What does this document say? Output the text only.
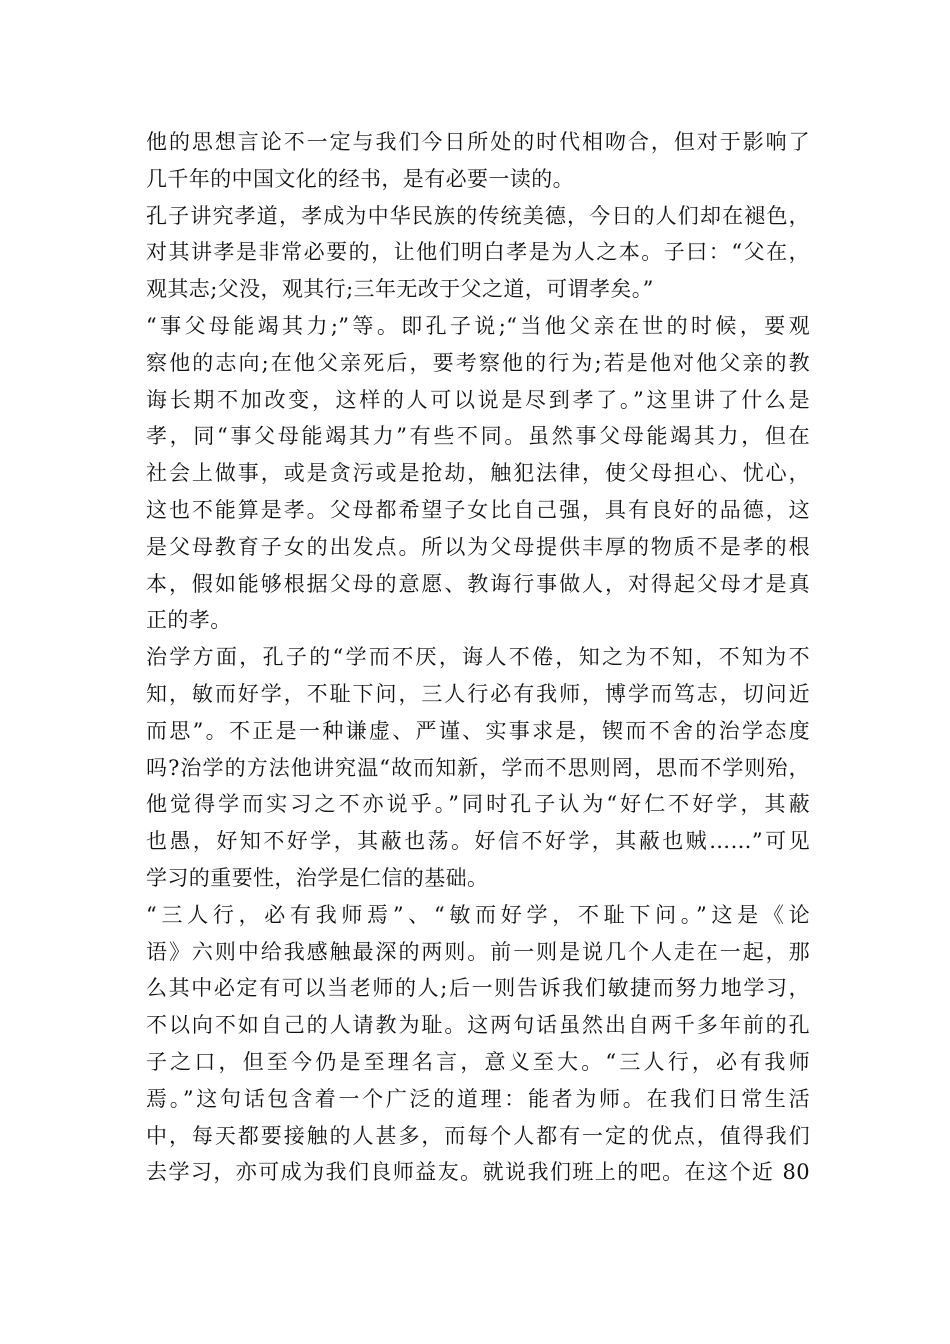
他的思想言论不一定与我们今日所处的时代相吻合，但对于影响了
几千年的中国文化的经书，是有必要一读的。
孔子讲究孝道，孝成为中华民族的传统美德，今日的人们却在褪色，
对其讲孝是非常必要的，让他们明白孝是为人之本。子曰：“父在，
观其志;父没，观其行;三年无改于父之道，可谓孝矣。”
“事父母能竭其力;”等。即孔子说;“当他父亲在世的时候，要观
察他的志向;在他父亲死后，要考察他的行为;若是他对他父亲的教
诲长期不加改变，这样的人可以说是尽到孝了。”这里讲了什么是
孝，同“事父母能竭其力”有些不同。虽然事父母能竭其力，但在
社会上做事，或是贪污或是抢劫，触犯法律，使父母担心、忧心，
这也不能算是孝。父母都希望子女比自己强，具有良好的品德，这
是父母教育子女的出发点。所以为父母提供丰厚的物质不是孝的根
本，假如能够根据父母的意愿、教诲行事做人，对得起父母才是真
正的孝。
治学方面，孔子的“学而不厌，诲人不倦，知之为不知，不知为不
知，敏而好学，不耻下问，三人行必有我师，博学而笃志，切问近
而思”。不正是一种谦虚、严谨、实事求是，锲而不舍的治学态度
吗?治学的方法他讲究温“故而知新，学而不思则罔，思而不学则殆，
他觉得学而实习之不亦说乎。”同时孔子认为“好仁不好学，其蔽
也愚，好知不好学，其蔽也荡。好信不好学，其蔽也贼……”可见
学习的重要性，治学是仁信的基础。
“三人行，必有我师焉”、“敏而好学，不耻下问。”这是《论
语》六则中给我感触最深的两则。前一则是说几个人走在一起，那
么其中必定有可以当老师的人;后一则告诉我们敏捷而努力地学习，
不以向不如自己的人请教为耻。这两句话虽然出自两千多年前的孔
子之口，但至今仍是至理名言，意义至大。“三人行，必有我师
焉。”这句话包含着一个广泛的道理：能者为师。在我们日常生活
中，每天都要接触的人甚多，而每个人都有一定的优点，值得我们
去学习，亦可成为我们良师益友。就说我们班上的吧。在这个近 80
